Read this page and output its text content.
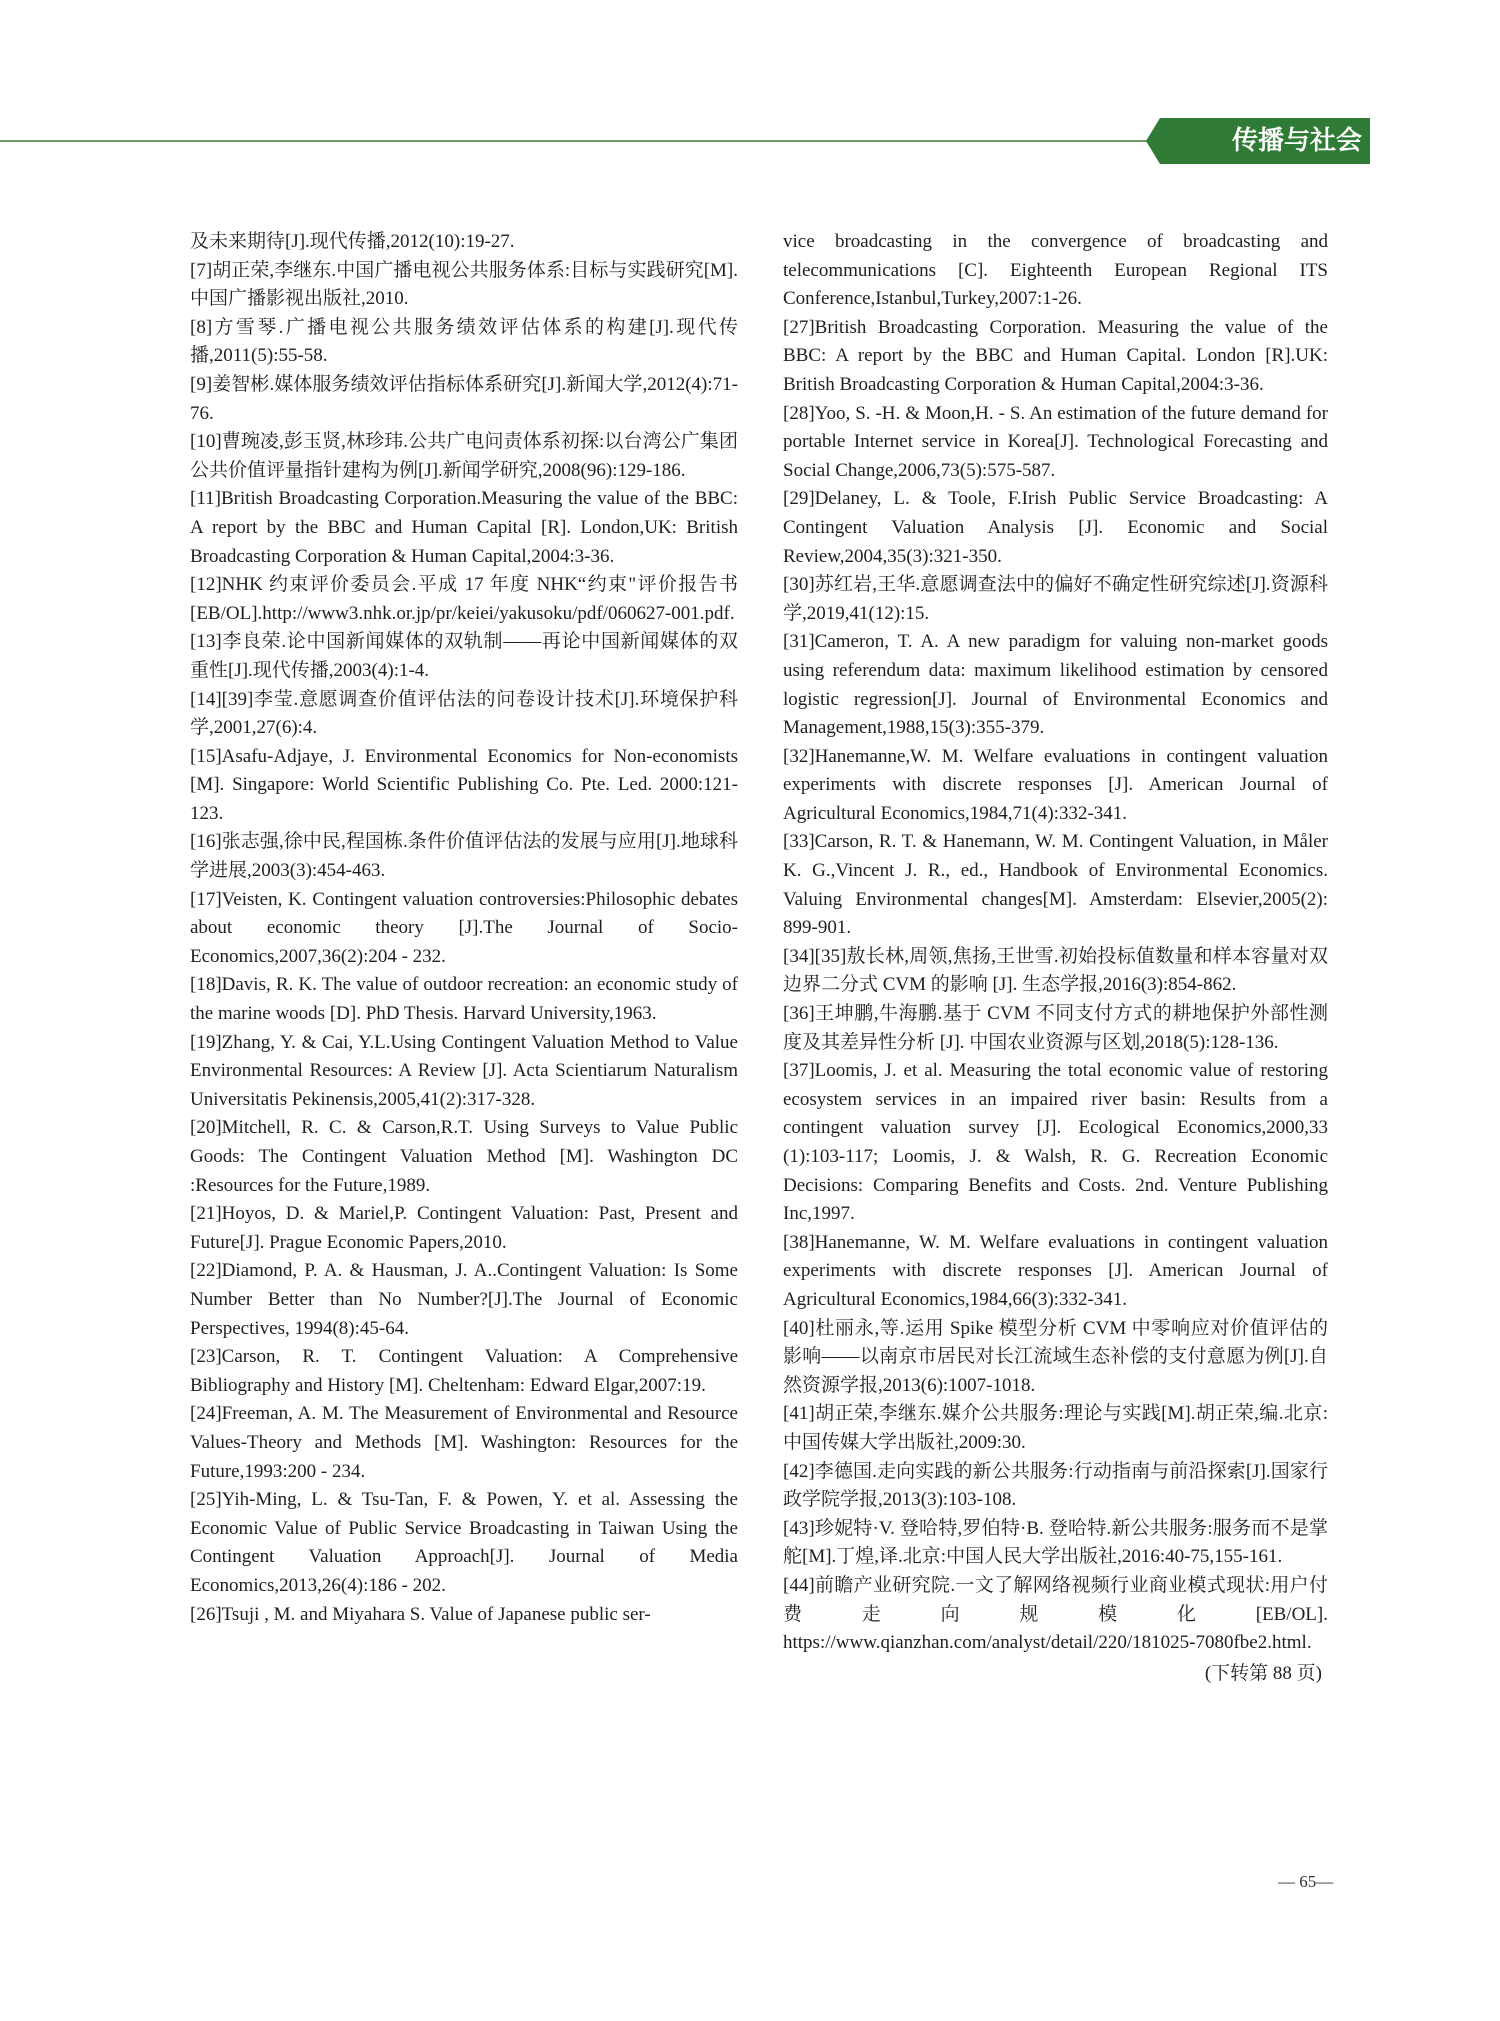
传播与社会

及未来期待[J].现代传播,2012(10):19-27.

[7]胡正荣,李继东.中国广播电视公共服务体系:目标与实践研究[M].中国广播影视出版社,2010.

[8]方雪琴.广播电视公共服务绩效评估体系的构建[J].现代传播,2011(5):55-58.

[9]姜智彬.媒体服务绩效评估指标体系研究[J].新闻大学,2012(4):71-76.

[10]曹琬凌,彭玉贤,林珍玮.公共广电问责体系初探:以台湾公广集团公共价值评量指针建构为例[J].新闻学研究,2008(96):129-186.

[11]British Broadcasting Corporation.Measuring the value of the BBC: A report by the BBC and Human Capital [R]. London,UK: British Broadcasting Corporation & Human Capital,2004:3-36.

[12]NHK 约束评价委员会.平成 17 年度 NHK“约束"评价报告书[EB/OL].http://www3.nhk.or.jp/pr/keiei/yakusoku/pdf/060627-001.pdf.

[13]李良荣.论中国新闻媒体的双轨制——再论中国新闻媒体的双重性[J].现代传播,2003(4):1-4.

[14][39]李莹.意愿调查价值评估法的问卷设计技术[J].环境保护科学,2001,27(6):4.

[15]Asafu-Adjaye, J. Environmental Economics for Non-economists [M]. Singapore: World Scientific Publishing Co. Pte. Led. 2000:121-123.

[16]张志强,徐中民,程国栋.条件价值评估法的发展与应用[J].地球科学进展,2003(3):454-463.

[17]Veisten, K. Contingent valuation controversies:Philosophic debates about economic theory [J].The Journal of Socio-Economics,2007,36(2):204 - 232.

[18]Davis, R. K. The value of outdoor recreation: an economic study of the marine woods [D]. PhD Thesis. Harvard University,1963.

[19]Zhang, Y. & Cai, Y.L.Using Contingent Valuation Method to Value Environmental Resources: A Review [J]. Acta Scientiarum Naturalism Universitatis Pekinensis,2005,41(2):317-328.

[20]Mitchell, R. C. & Carson,R.T. Using Surveys to Value Public Goods: The Contingent Valuation Method [M]. Washington DC :Resources for the Future,1989.

[21]Hoyos, D. & Mariel,P. Contingent Valuation: Past, Present and Future[J]. Prague Economic Papers,2010.

[22]Diamond, P. A. & Hausman, J. A..Contingent Valuation: Is Some Number Better than No Number?[J].The Journal of Economic Perspectives, 1994(8):45-64.

[23]Carson, R. T. Contingent Valuation: A Comprehensive Bibliography and History [M]. Cheltenham: Edward Elgar,2007:19.

[24]Freeman, A. M. The Measurement of Environmental and Resource Values-Theory and Methods [M]. Washington: Resources for the Future,1993:200 - 234.

[25]Yih-Ming, L. & Tsu-Tan, F. & Powen, Y. et al. Assessing the Economic Value of Public Service Broadcasting in Taiwan Using the Contingent Valuation Approach[J]. Journal of Media Economics,2013,26(4):186 - 202.

[26]Tsuji , M. and Miyahara S. Value of Japanese public ser-

vice broadcasting in the convergence of broadcasting and telecommunications [C]. Eighteenth European Regional ITS Conference,Istanbul,Turkey,2007:1-26.

[27]British Broadcasting Corporation. Measuring the value of the BBC: A report by the BBC and Human Capital. London [R].UK: British Broadcasting Corporation & Human Capital,2004:3-36.

[28]Yoo, S. -H. & Moon,H. - S. An estimation of the future demand for portable Internet service in Korea[J]. Technological Forecasting and Social Change,2006,73(5):575-587.

[29]Delaney, L. & Toole, F.Irish Public Service Broadcasting: A Contingent Valuation Analysis [J]. Economic and Social Review,2004,35(3):321-350.

[30]苏红岩,王华.意愿调查法中的偏好不确定性研究综述[J].资源科学,2019,41(12):15.

[31]Cameron, T. A. A new paradigm for valuing non-market goods using referendum data: maximum likelihood estimation by censored logistic regression[J]. Journal of Environmental Economics and Management,1988,15(3):355-379.

[32]Hanemanne,W. M. Welfare evaluations in contingent valuation experiments with discrete responses [J]. American Journal of Agricultural Economics,1984,71(4):332-341.

[33]Carson, R. T. & Hanemann, W. M. Contingent Valuation, in Måler K. G.,Vincent J. R., ed., Handbook of Environmental Economics. Valuing Environmental changes[M]. Amsterdam: Elsevier,2005(2): 899-901.

[34][35]敖长林,周领,焦扬,王世雪.初始投标值数量和样本容量对双边界二分式 CVM 的影响 [J]. 生态学报,2016(3):854-862.

[36]王坤鹏,牛海鹏.基于 CVM 不同支付方式的耕地保护外部性测度及其差异性分析 [J]. 中国农业资源与区划,2018(5):128-136.

[37]Loomis, J. et al. Measuring the total economic value of restoring ecosystem services in an impaired river basin: Results from a contingent valuation survey [J]. Ecological Economics,2000,33 (1):103-117; Loomis, J. & Walsh, R. G. Recreation Economic Decisions: Comparing Benefits and Costs. 2nd. Venture Publishing Inc,1997.

[38]Hanemanne, W. M. Welfare evaluations in contingent valuation experiments with discrete responses [J]. American Journal of Agricultural Economics,1984,66(3):332-341.

[40]杜丽永,等.运用 Spike 模型分析 CVM 中零响应对价值评估的影响——以南京市居民对长江流域生态补偿的支付意愿为例[J].自然资源学报,2013(6):1007-1018.

[41]胡正荣,李继东.媒介公共服务:理论与实践[M].胡正荣,编.北京:中国传媒大学出版社,2009:30.

[42]李德国.走向实践的新公共服务:行动指南与前沿探索[J].国家行政学院学报,2013(3):103-108.

[43]珍妮特·V. 登哈特,罗伯特·B. 登哈特.新公共服务:服务而不是掌舵[M].丁煌,译.北京:中国人民大学出版社,2016:40-75,155-161.

[44]前瞻产业研究院.一文了解网络视频行业商业模式现状:用户付费走向规模化[EB/OL]. https://www.qianzhan.com/analyst/detail/220/181025-7080fbe2.html.

(下转第 88 页)

— 65—
